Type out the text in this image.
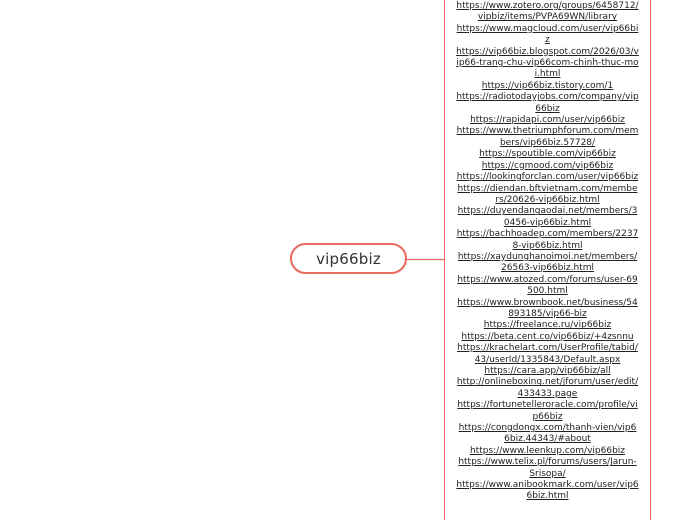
vip66biz
https://www.zotero.org/groups/6458712/vipbiz/items/PVPA69WN/library
https://www.magcloud.com/user/vip66biz
https://vip66biz.blogspot.com/2026/03/vip66-trang-chu-vip66com-chinh-thuc-moi.html
https://vip66biz.tistory.com/1
https://radiotodayjobs.com/company/vip66biz
https://rapidapi.com/user/vip66biz
https://www.thetriumphforum.com/members/vip66biz.57728/
https://spoutible.com/vip66biz
https://cgmood.com/vip66biz
https://lookingforclan.com/user/vip66biz
https://diendan.bftvietnam.com/members/20626-vip66biz.html
https://duyendangaodai.net/members/30456-vip66biz.html
https://bachhoadep.com/members/22378-vip66biz.html
https://xaydunghanoimoi.net/members/26563-vip66biz.html
https://www.atozed.com/forums/user-69500.html
https://www.brownbook.net/business/54893185/vip66-biz
https://freelance.ru/vip66biz
https://beta.cent.co/vip66biz/+4zsnnu
https://krachelart.com/UserProfile/tabid/43/userId/1335843/Default.aspx
https://cara.app/vip66biz/all
http://onlineboxing.net/jforum/user/edit/433433.page
https://fortunetelleroracle.com/profile/vip66biz
https://congdongx.com/thanh-vien/vip66biz.44343/#about
https://www.leenkup.com/vip66biz
https://www.telix.pl/forums/users/Jarun-Srisopa/
https://www.anibookmark.com/user/vip66biz.html
